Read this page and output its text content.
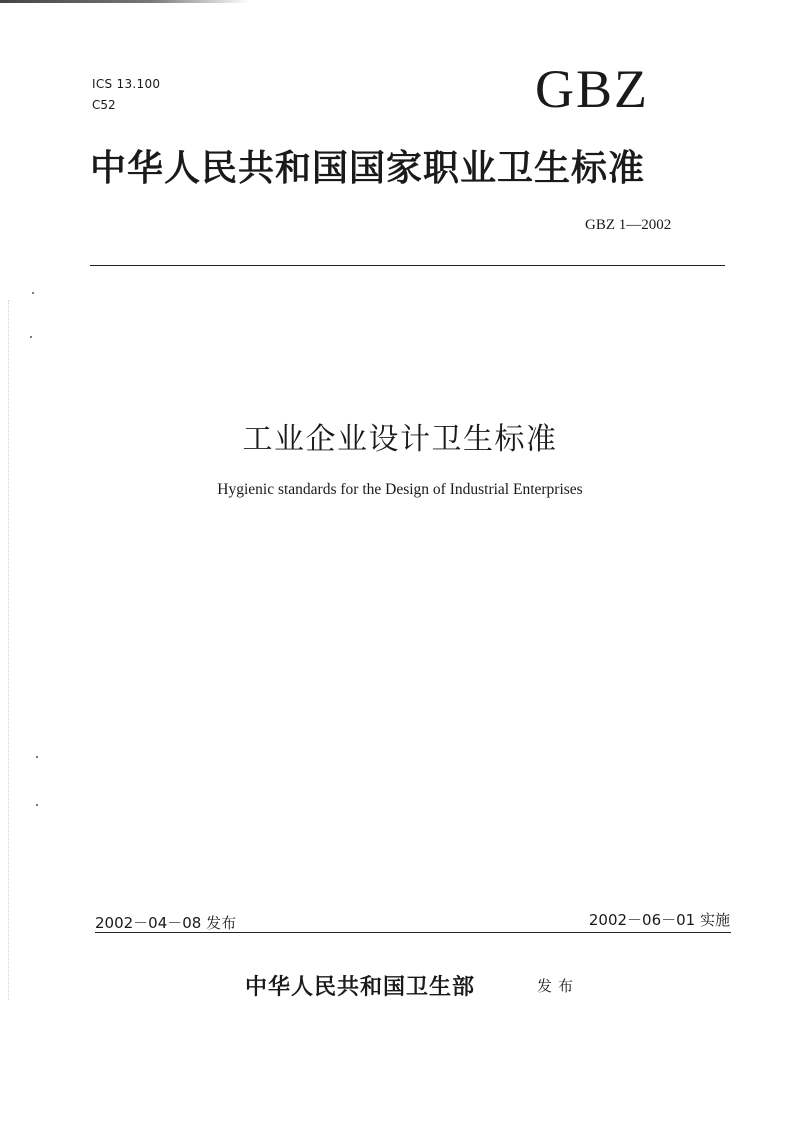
ICS 13.100
C52	GBZ
中华人民共和国国家职业卫生标准
GBZ 1—2002
工业企业设计卫生标准
Hygienic standards for the Design of Industrial Enterprises
2002－04－08 发布	2002－06－01 实施
中华人民共和国卫生部	发布
